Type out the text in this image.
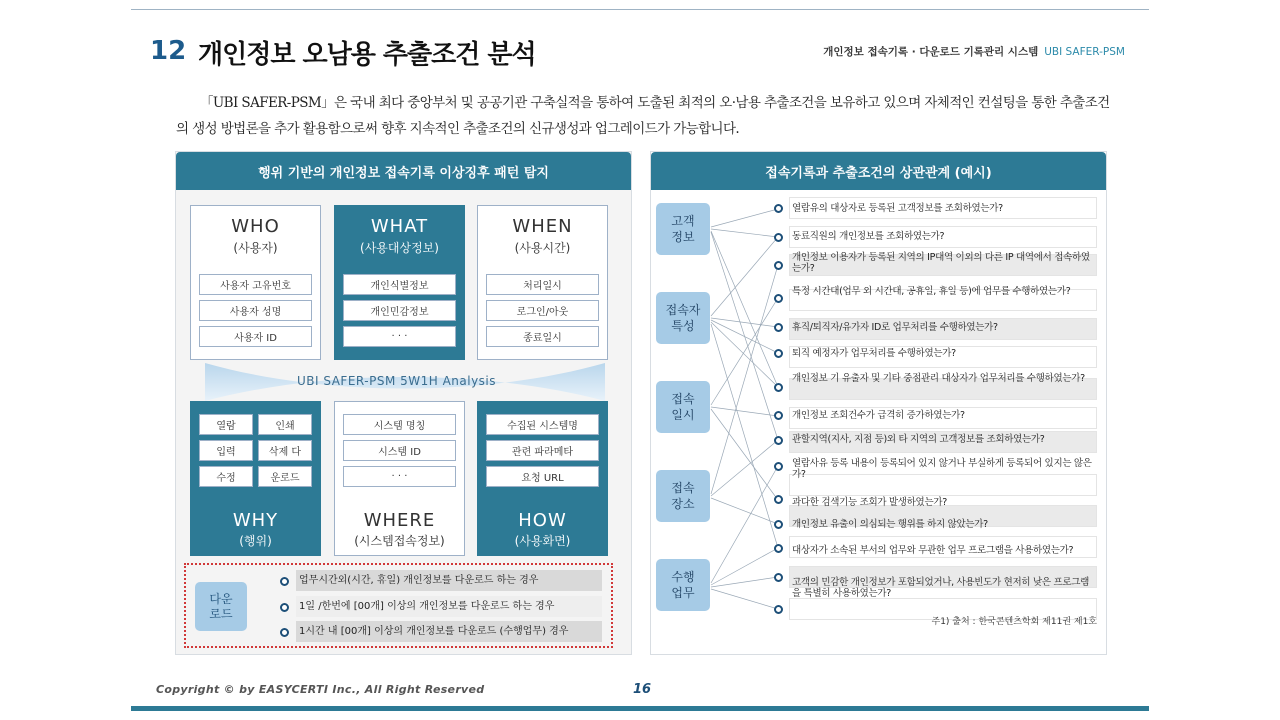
12 개인정보 오남용 추출조건 분석	개인정보 접속기록 · 다운로드 기록관리 시스템 UBI SAFER-PSM

「UBI SAFER-PSM」은 국내 최다 중앙부처 및 공공기관 구축실적을 통하여 도출된 최적의 오·남용 추출조건을 보유하고 있으며 자체적인 컨설팅을 통한 추출조건의 생성 방법론을 추가 활용함으로써 향후 지속적인 추출조건의 신규생성과 업그레이드가 가능합니다.

행위 기반의 개인정보 접속기록 이상징후 패턴 탐지
UBI SAFER-PSM 5W1H Analysis
WHO
(사용자)
사용자 고유번호
사용자 성명
사용자 ID
WHAT
(사용대상정보)
개인식별정보
개인민감정보
· · ·
WHEN
(사용시간)
처리일시
로그인/아웃
종료일시
열람	인쇄
입력	삭제 다
수정	운로드
WHY
(행위)
시스템 명칭
시스템 ID
· · ·
WHERE
(시스템접속정보)
수집된 시스템명
관련 파라메타
요청 URL
HOW
(사용화면)
다운
로드
업무시간외(시간, 휴일) 개인정보를 다운로드 하는 경우
1일 /한번에 [00개] 이상의 개인정보를 다운로드 하는 경우
1시간 내 [00개] 이상의 개인정보를 다운로드 (수행업무) 경우
접속기록과 추출조건의 상관관계 (예시)
고객
정보
접속자
특성
접속
일시
접속
장소
수행
업무
열람유의 대상자로 등록된 고객정보를 조회하였는가?
동료직원의 개인정보를 조회하였는가?
개인정보 이용자가 등록된 지역의 IP대역 이외의 다른 IP 대역에서 접속하였는가?
특정 시간대(업무 외 시간대, 공휴일, 휴일 등)에 업무를 수행하였는가?
휴직/퇴직자/유가자 ID로 업무처리를 수행하였는가?
퇴직 예정자가 업무처리를 수행하였는가?
개인정보 기 유출자 및 기타 중점관리 대상자가 업무처리를 수행하였는가?
개인정보 조회건수가 급격히 증가하였는가?
관할지역(지사, 지점 등)외 타 지역의 고객정보를 조회하였는가?
열람사유 등록 내용이 등록되어 있지 않거나 부실하게 등록되어 있지는 않은가?
과다한 검색기능 조회가 발생하였는가?
개인정보 유출이 의심되는 행위를 하지 않았는가?
대상자가 소속된 부서의 업무와 무관한 업무 프로그램을 사용하였는가?
고객의 민감한 개인정보가 포함되었거나, 사용빈도가 현저히 낮은 프로그램을 특별히 사용하였는가?
주1) 출처 : 한국콘텐츠학회 제11권 제1호
Copyright © by EASYCERTI Inc., All Right Reserved	16
